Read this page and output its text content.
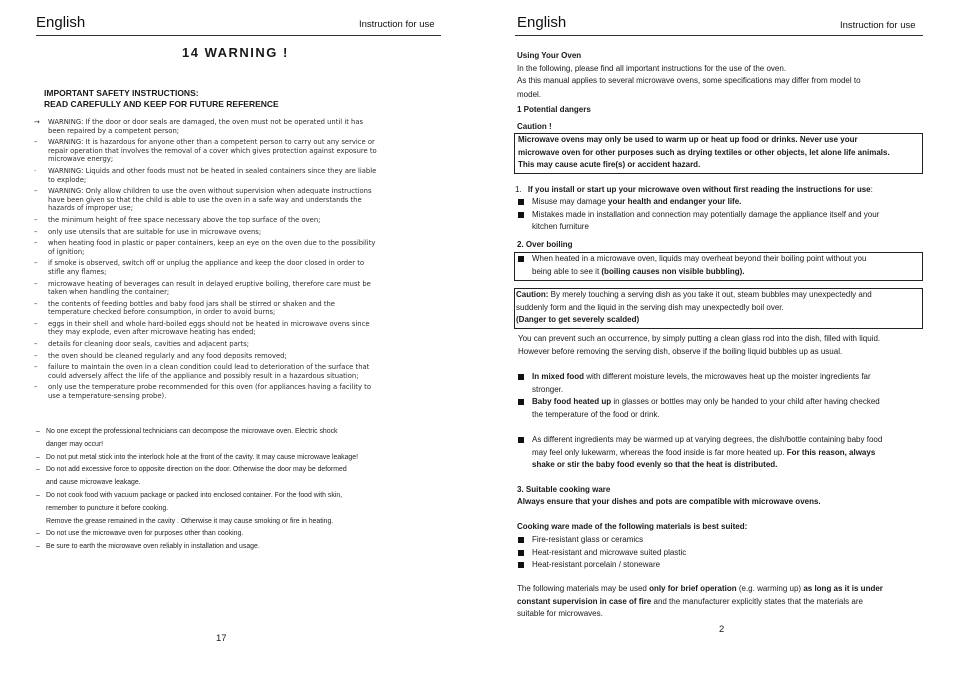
English	Instruction for use
14 WARNING !
IMPORTANT SAFETY INSTRUCTIONS:
READ CAREFULLY AND KEEP FOR FUTURE REFERENCE
→ WARNING: If the door or door seals are damaged, the oven must not be operated until it has been repaired by a competent person;
– WARNING: It is hazardous for anyone other than a competent person to carry out any service or repair operation that involves the removal of a cover which gives protection against exposure to microwave energy;
· WARNING: Liquids and other foods must not be heated in sealed containers since they are liable to explode;
– WARNING: Only allow children to use the oven without supervision when adequate instructions have been given so that the child is able to use the oven in a safe way and understands the hazards of improper use;
– the minimum height of free space necessary above the top surface of the oven;
– only use utensils that are suitable for use in microwave ovens;
– when heating food in plastic or paper containers, keep an eye on the oven due to the possibility of ignition;
– if smoke is observed, switch off or unplug the appliance and keep the door closed in order to stifle any flames;
– microwave heating of beverages can result in delayed eruptive boiling, therefore care must be taken when handling the container;
– the contents of feeding bottles and baby food jars shall be stirred or shaken and the temperature checked before consumption, in order to avoid burns;
– eggs in their shell and whole hard-boiled eggs should not be heated in microwave ovens since they may explode, even after microwave heating has ended;
– details for cleaning door seals, cavities and adjacent parts;
– the oven should be cleaned regularly and any food deposits removed;
– failure to maintain the oven in a clean condition could lead to deterioration of the surface that could adversely affect the life of the appliance and possibly result in a hazardous situation;
– only use the temperature probe recommended for this oven (for appliances having a facility to use a temperature-sensing probe).
– No one except the professional technicians can decompose the microwave oven. Electric shock
danger may occur!
– Do not put metal stick into the interlock hole at the front of the cavity. It may cause microwave leakage!
– Do not add excessive force to opposite direction on the door. Otherwise the door may be deformed
and cause microwave leakage.
– Do not cook food with vacuum package or packed into enclosed container. For the food with skin,
remember to puncture it before cooking.
Remove the grease remained in the cavity . Otherwise it may cause smoking or fire in heating.
– Do not use the microwave oven for purposes other than cooking.
– Be sure to earth the microwave oven reliably in installation and usage.
17
English	Instruction for use
Using Your Oven
In the following, please find all important instructions for the use of the oven.
As this manual applies to several microwave ovens, some specifications may differ from model to
model.
1 Potential dangers
Caution !
Microwave ovens may only be used to warm up or heat up food or drinks. Never use your
microwave oven for other purposes such as drying textiles or other objects, let alone life animals.
This may cause acute fire(s) or accident hazard.
1. If you install or start up your microwave oven without first reading the instructions for use:
Misuse may damage your health and endanger your life.
Mistakes made in installation and connection may potentially damage the appliance itself and your
kitchen furniture
2. Over boiling
When heated in a microwave oven, liquids may overheat beyond their boiling point without you
being able to see it (boiling causes non visible bubbling).
Caution: By merely touching a serving dish as you take it out, steam bubbles may unexpectedly and
suddenly form and the liquid in the serving dish may unexpectedly boil over.
(Danger to get severely scalded)
You can prevent such an occurrence, by simply putting a clean glass rod into the dish, filled with liquid.
However before removing the serving dish, observe if the boiling liquid bubbles up as usual.
In mixed food with different moisture levels, the microwaves heat up the moister ingredients far
stronger.
Baby food heated up in glasses or bottles may only be handed to your child after having checked
the temperature of the food or drink.
As different ingredients may be warmed up at varying degrees, the dish/bottle containing baby food
may feel only lukewarm, whereas the food inside is far more heated up. For this reason, always
shake or stir the baby food evenly so that the heat is distributed.
3. Suitable cooking ware
Always ensure that your dishes and pots are compatible with microwave ovens.
Cooking ware made of the following materials is best suited:
Fire-resistant glass or ceramics
Heat-resistant and microwave suited plastic
Heat-resistant porcelain / stoneware
The following materials may be used only for brief operation (e.g. warming up) as long as it is under
constant supervision in case of fire and the manufacturer explicitly states that the materials are
suitable for microwaves.
2
